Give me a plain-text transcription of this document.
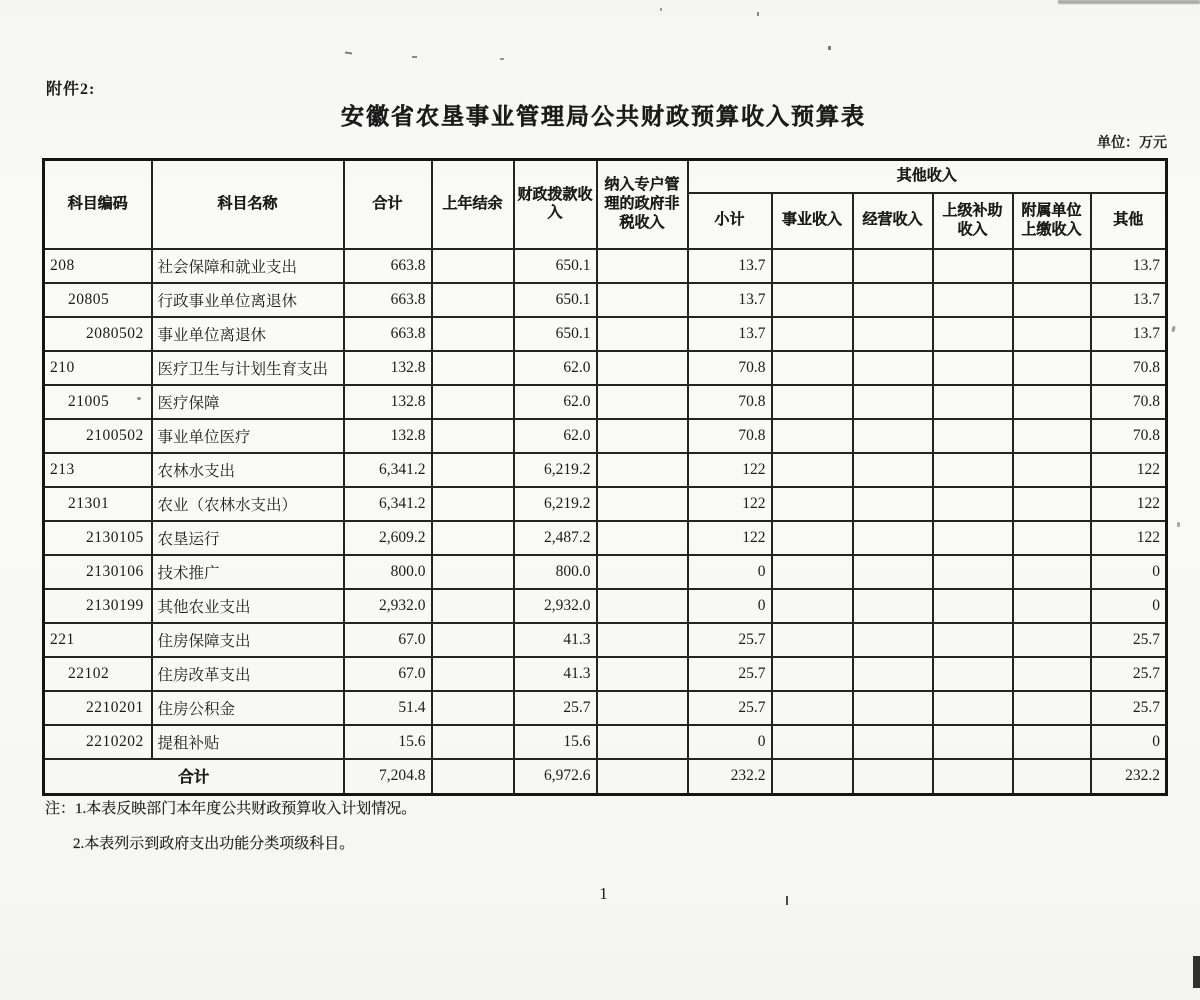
附件2:
安徽省农垦事业管理局公共财政预算收入预算表
单位：万元
科目编码	科目名称	合计	上年结余	财政拨款收入	纳入专户管理的政府非税收入	其他收入					
						小计	事业收入	经营收入	上级补助收入	附属单位上缴收入	其他
208	社会保障和就业支出	663.8		650.1		13.7					13.7
20805	行政事业单位离退休	663.8		650.1		13.7					13.7
2080502	事业单位离退休	663.8		650.1		13.7					13.7
210	医疗卫生与计划生育支出	132.8		62.0		70.8					70.8
21005	医疗保障	132.8		62.0		70.8					70.8
2100502	事业单位医疗	132.8		62.0		70.8					70.8
213	农林水支出	6,341.2		6,219.2		122					122
21301	农业（农林水支出）	6,341.2		6,219.2		122					122
2130105	农垦运行	2,609.2		2,487.2		122					122
2130106	技术推广	800.0		800.0		0					0
2130199	其他农业支出	2,932.0		2,932.0		0					0
221	住房保障支出	67.0		41.3		25.7					25.7
22102	住房改革支出	67.0		41.3		25.7					25.7
2210201	住房公积金	51.4		25.7		25.7					25.7
2210202	提租补贴	15.6		15.6		0					0
合计		7,204.8		6,972.6		232.2					232.2

注：1.本表反映部门本年度公共财政预算收入计划情况。

2.本表列示到政府支出功能分类项级科目。

1
